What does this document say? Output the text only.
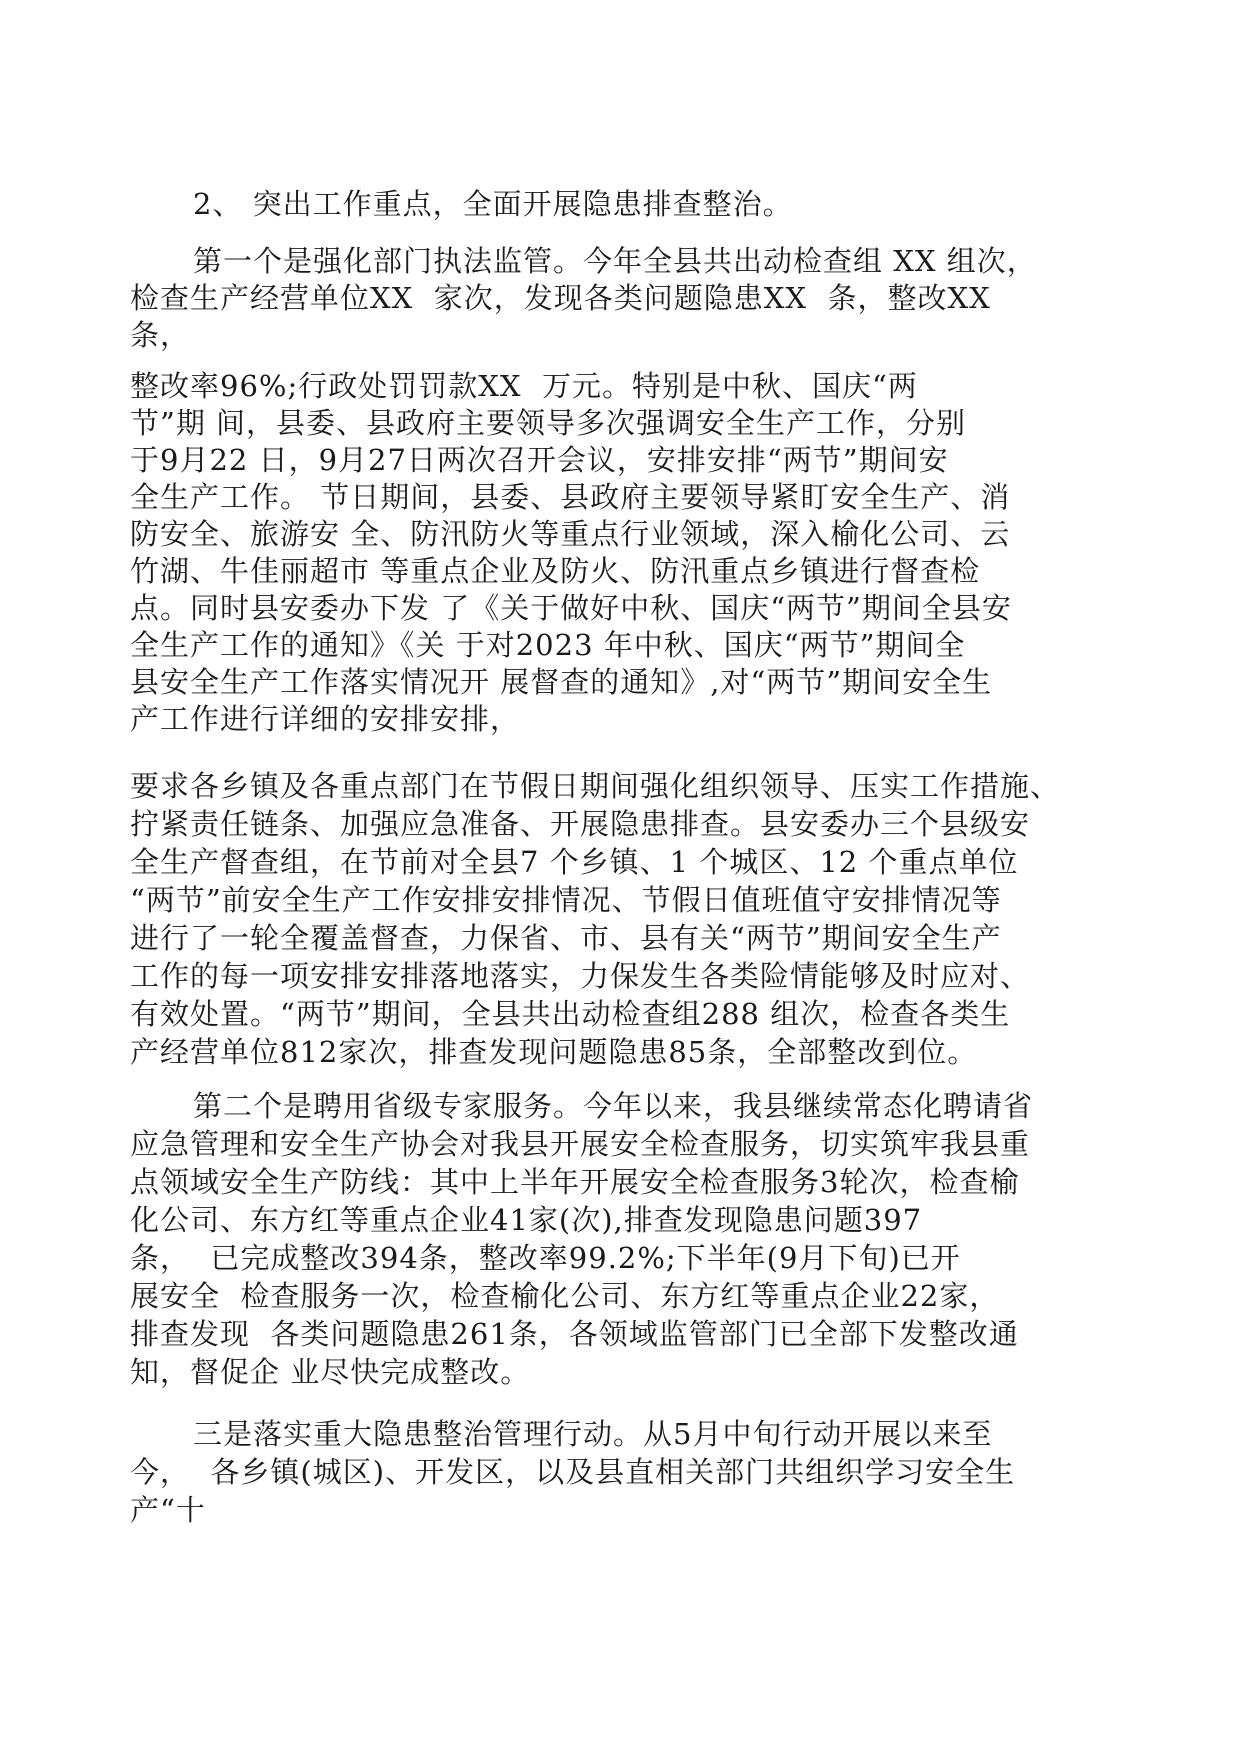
2、 突出工作重点，全面开展隐患排查整治。
第一个是强化部门执法监管。今年全县共出动检查组 XX 组次，
检查生产经营单位XX  家次，发现各类问题隐患XX  条，整改XX
条，
整改率96%;行政处罚罚款XX  万元。特别是中秋、国庆“两
节”期 间，县委、县政府主要领导多次强调安全生产工作，分别
于9月22 日，9月27日两次召开会议，安排安排“两节”期间安
全生产工作。 节日期间，县委、县政府主要领导紧盯安全生产、消
防安全、旅游安 全、防汛防火等重点行业领域，深入榆化公司、云
竹湖、牛佳丽超市 等重点企业及防火、防汛重点乡镇进行督查检
点。同时县安委办下发 了《关于做好中秋、国庆“两节”期间全县安
全生产工作的通知》《关 于对2023 年中秋、国庆“两节”期间全
县安全生产工作落实情况开 展督查的通知》,对“两节”期间安全生
产工作进行详细的安排安排，
要求各乡镇及各重点部门在节假日期间强化组织领导、压实工作措施、
拧紧责任链条、加强应急准备、开展隐患排查。县安委办三个县级安
全生产督查组，在节前对全县7 个乡镇、1 个城区、12 个重点单位
“两节”前安全生产工作安排安排情况、节假日值班值守安排情况等
进行了一轮全覆盖督查，力保省、市、县有关“两节”期间安全生产
工作的每一项安排安排落地落实，力保发生各类险情能够及时应对、
有效处置。“两节”期间，全县共出动检查组288 组次，检查各类生
产经营单位812家次，排查发现问题隐患85条，全部整改到位。
第二个是聘用省级专家服务。今年以来，我县继续常态化聘请省
应急管理和安全生产协会对我县开展安全检查服务，切实筑牢我县重
点领域安全生产防线：其中上半年开展安全检查服务3轮次，检查榆
化公司、东方红等重点企业41家(次),排查发现隐患问题397
条，  已完成整改394条，整改率99.2%;下半年(9月下旬)已开
展安全  检查服务一次，检查榆化公司、东方红等重点企业22家，
排查发现  各类问题隐患261条，各领域监管部门已全部下发整改通
知，督促企 业尽快完成整改。
三是落实重大隐患整治管理行动。从5月中旬行动开展以来至
今，  各乡镇(城区)、开发区，以及县直相关部门共组织学习安全生
产“十
